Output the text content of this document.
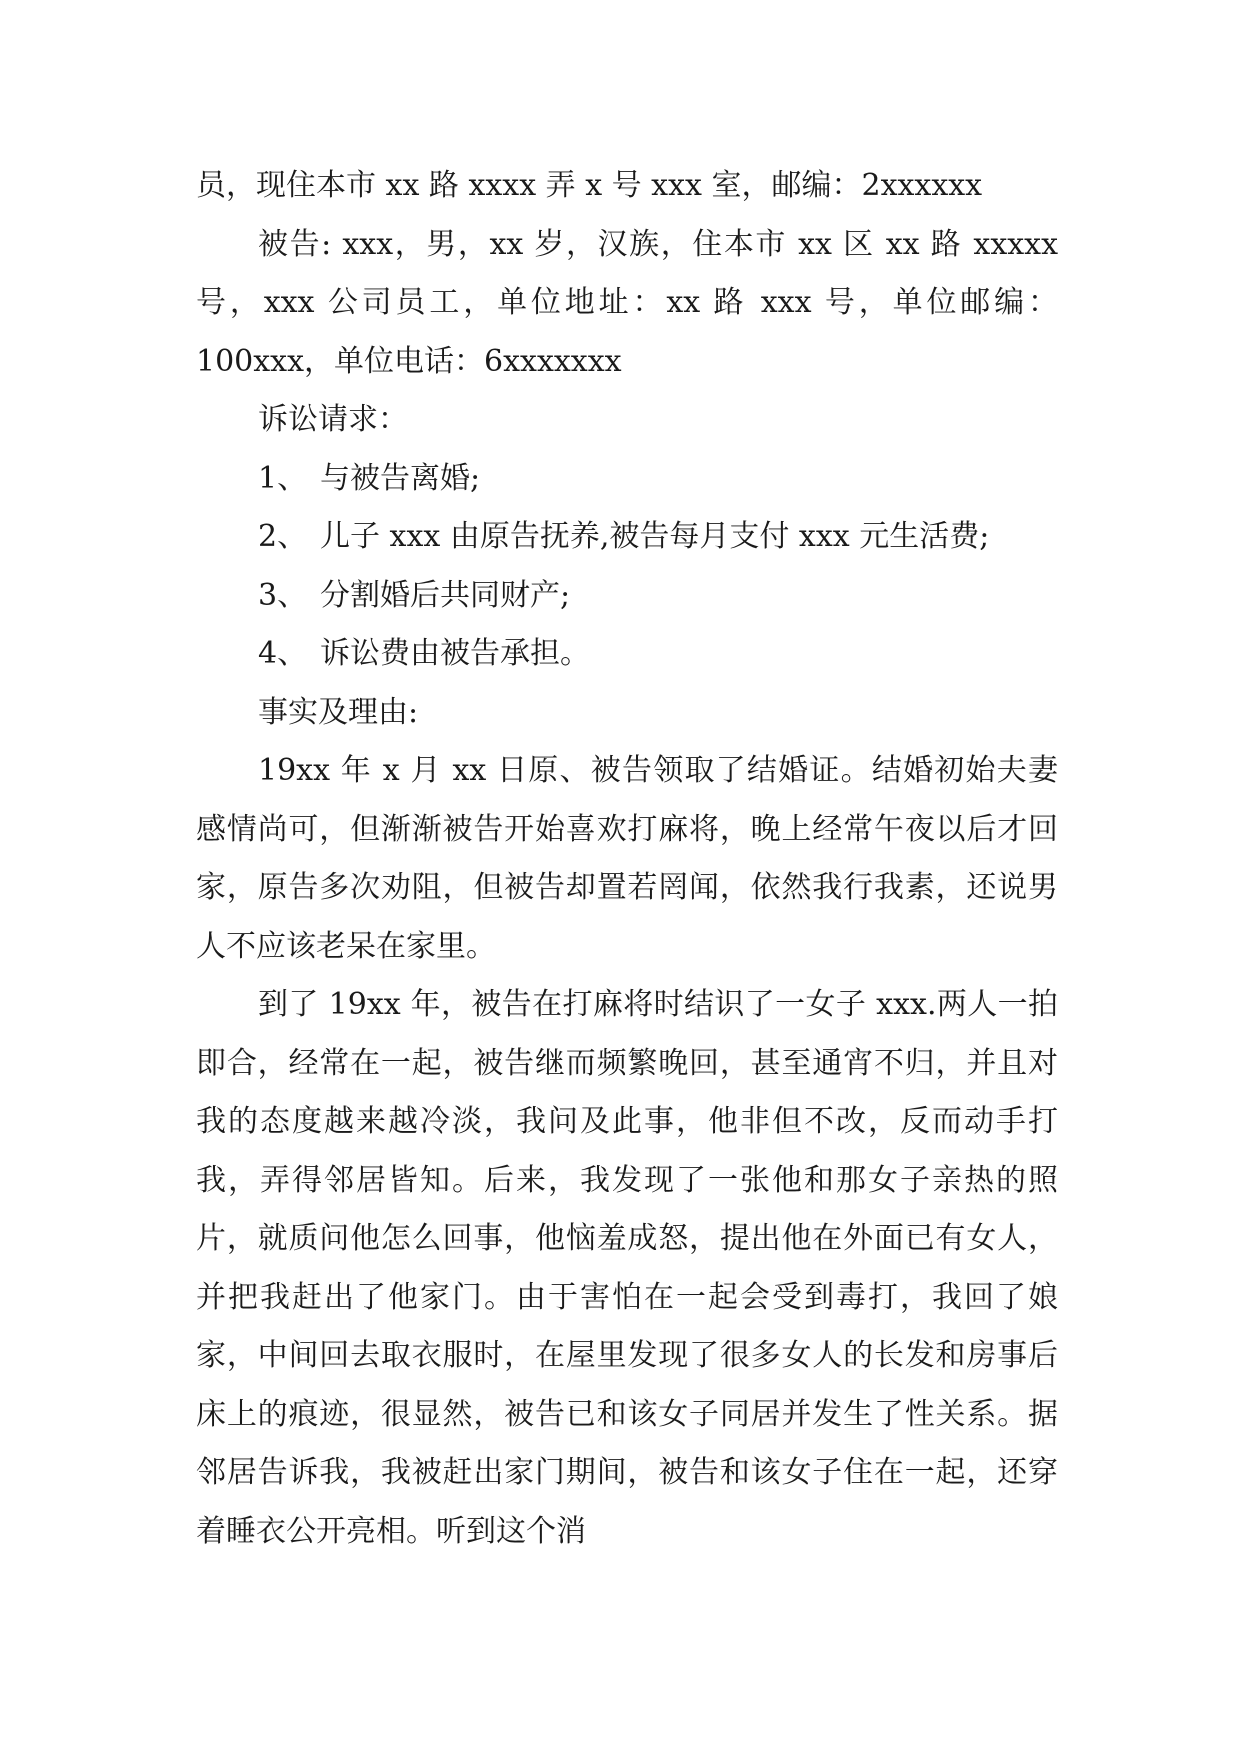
员，现住本市 xx 路 xxxx 弄 x 号 xxx 室，邮编：2xxxxxx

被告: xxx，男，xx 岁，汉族，住本市 xx 区 xx 路 xxxxx 号，xxx 公司员工，单位地址：xx 路 xxx 号，单位邮编：100xxx，单位电话：6xxxxxxx

诉讼请求：

1、 与被告离婚;

2、 儿子 xxx 由原告抚养,被告每月支付 xxx 元生活费;

3、 分割婚后共同财产;

4、 诉讼费由被告承担。

事实及理由:

19xx 年 x 月 xx 日原、被告领取了结婚证。结婚初始夫妻感情尚可，但渐渐被告开始喜欢打麻将，晚上经常午夜以后才回家，原告多次劝阻，但被告却置若罔闻，依然我行我素，还说男人不应该老呆在家里。

到了 19xx 年，被告在打麻将时结识了一女子 xxx.两人一拍即合，经常在一起，被告继而频繁晚回，甚至通宵不归，并且对我的态度越来越冷淡，我问及此事，他非但不改，反而动手打我，弄得邻居皆知。后来，我发现了一张他和那女子亲热的照片，就质问他怎么回事，他恼羞成怒，提出他在外面已有女人，并把我赶出了他家门。由于害怕在一起会受到毒打，我回了娘家，中间回去取衣服时，在屋里发现了很多女人的长发和房事后床上的痕迹，很显然，被告已和该女子同居并发生了性关系。据邻居告诉我，我被赶出家门期间，被告和该女子住在一起，还穿着睡衣公开亮相。听到这个消
